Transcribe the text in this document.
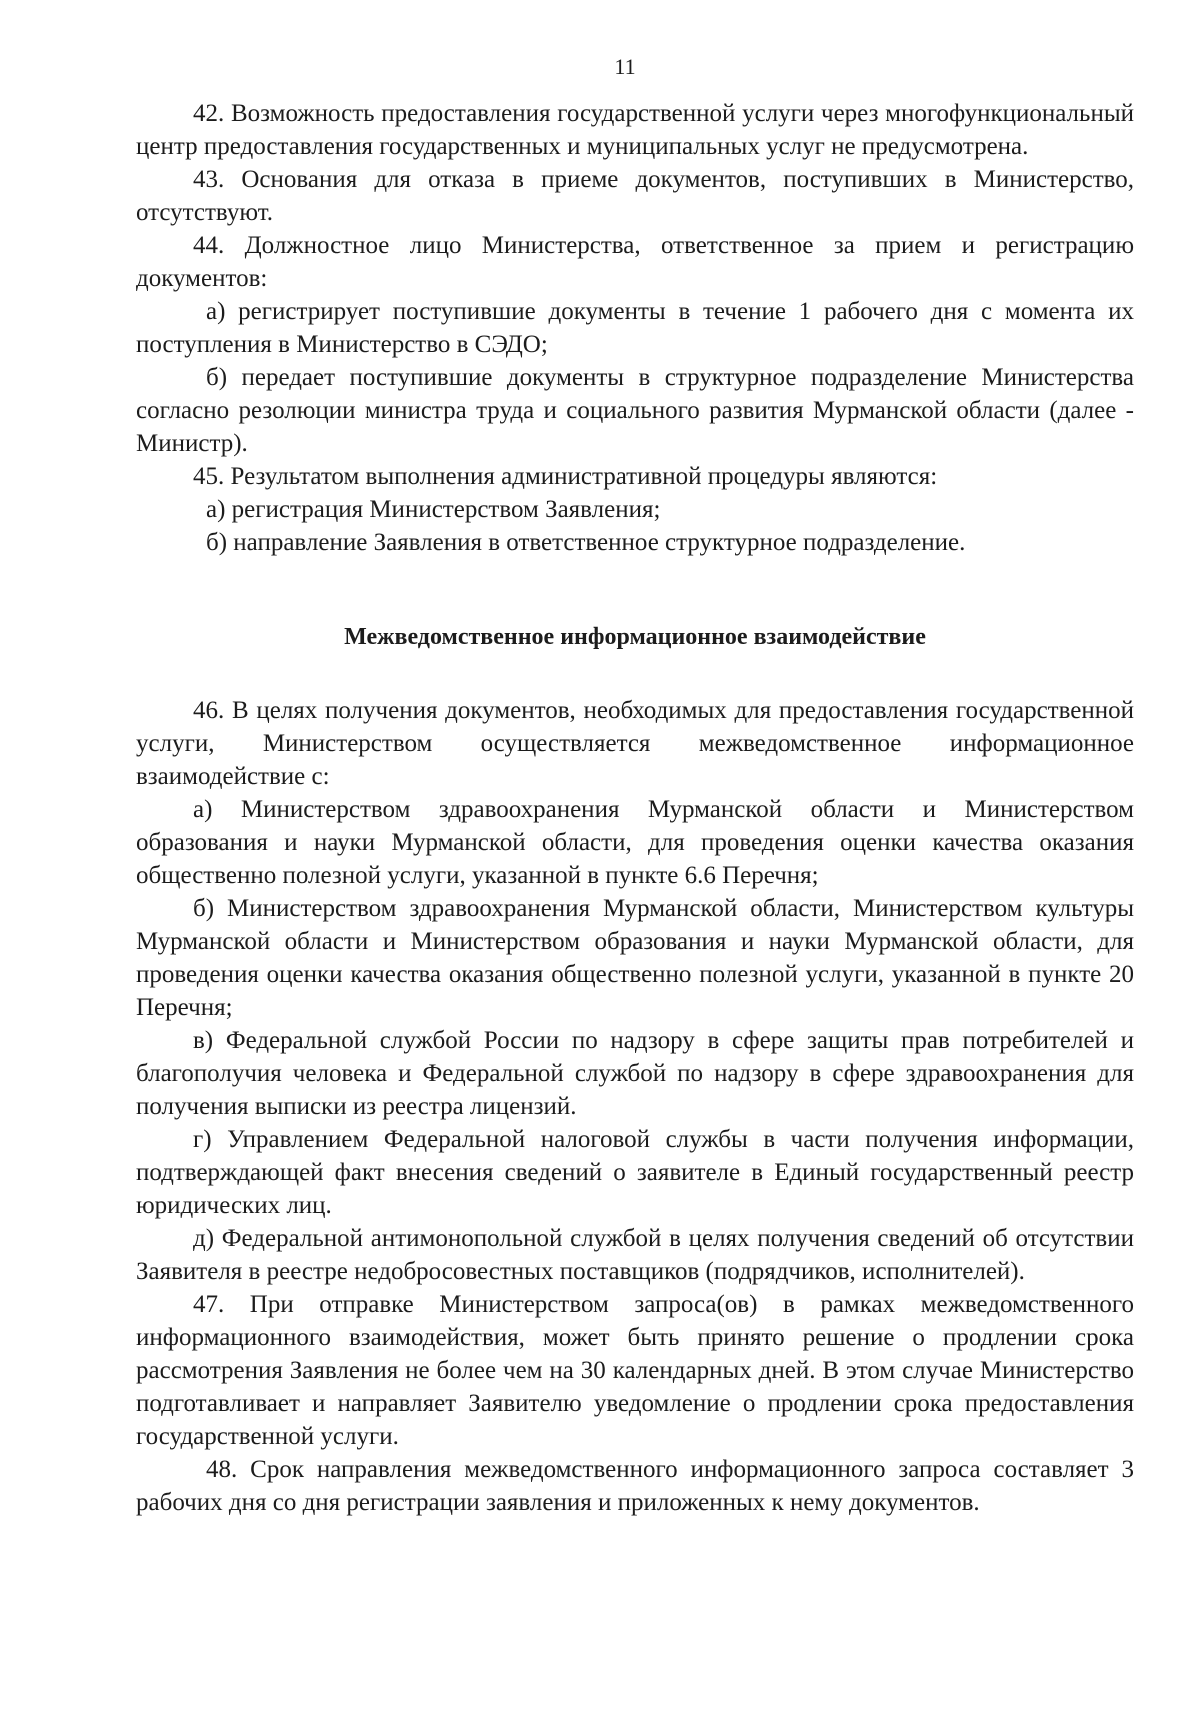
11

42. Возможность предоставления государственной услуги через многофункциональный центр предоставления государственных и муниципальных услуг не предусмотрена.

43. Основания для отказа в приеме документов, поступивших в Министерство, отсутствуют.

44. Должностное лицо Министерства, ответственное за прием и регистрацию документов:

а) регистрирует поступившие документы в течение 1 рабочего дня с момента их поступления в Министерство в СЭДО;

б) передает поступившие документы в структурное подразделение Министерства согласно резолюции министра труда и социального развития Мурманской области (далее - Министр).

45. Результатом выполнения административной процедуры являются:

а) регистрация Министерством Заявления;

б) направление Заявления в ответственное структурное подразделение.

Межведомственное информационное взаимодействие

46. В целях получения документов, необходимых для предоставления государственной услуги, Министерством осуществляется межведомственное информационное взаимодействие с:

а) Министерством здравоохранения Мурманской области и Министерством образования и науки Мурманской области, для проведения оценки качества оказания общественно полезной услуги, указанной в пункте 6.6 Перечня;

б) Министерством здравоохранения Мурманской области, Министерством культуры Мурманской области и Министерством образования и науки Мурманской области, для проведения оценки качества оказания общественно полезной услуги, указанной в пункте 20 Перечня;

в) Федеральной службой России по надзору в сфере защиты прав потребителей и благополучия человека и Федеральной службой по надзору в сфере здравоохранения для получения выписки из реестра лицензий.

г) Управлением Федеральной налоговой службы в части получения информации, подтверждающей факт внесения сведений о заявителе в Единый государственный реестр юридических лиц.

д) Федеральной антимонопольной службой в целях получения сведений об отсутствии Заявителя в реестре недобросовестных поставщиков (подрядчиков, исполнителей).

47. При отправке Министерством запроса(ов) в рамках межведомственного информационного взаимодействия, может быть принято решение о продлении срока рассмотрения Заявления не более чем на 30 календарных дней. В этом случае Министерство подготавливает и направляет Заявителю уведомление о продлении срока предоставления государственной услуги.

48. Срок направления межведомственного информационного запроса составляет 3 рабочих дня со дня регистрации заявления и приложенных к нему документов.
